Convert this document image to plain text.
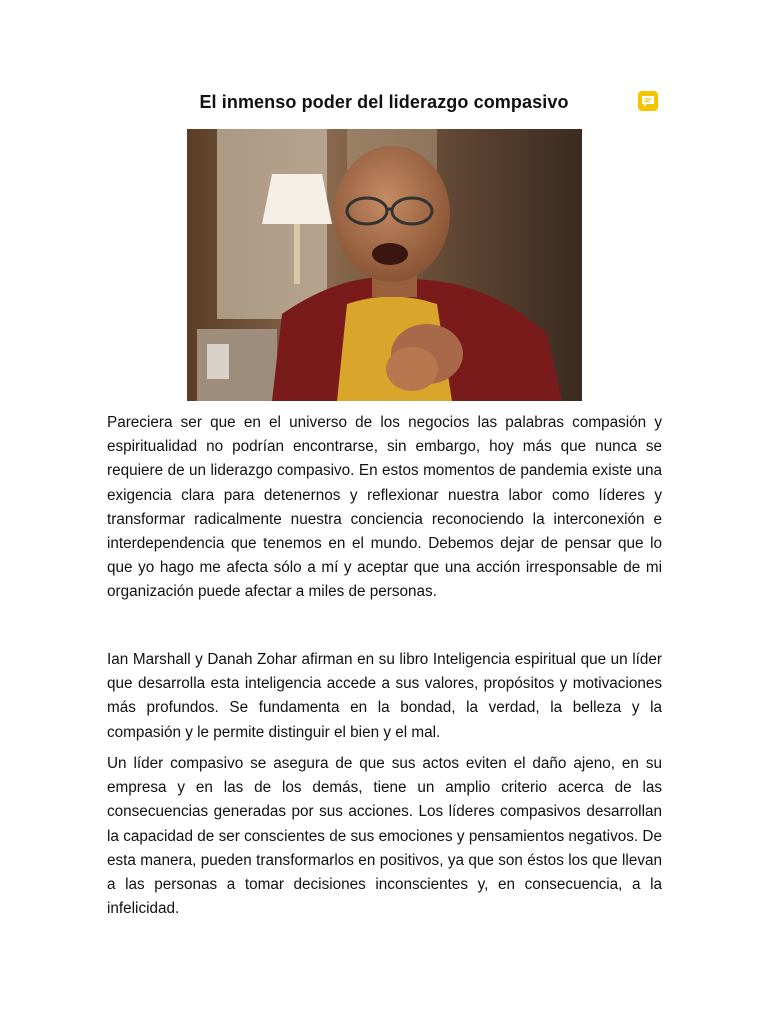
El inmenso poder del liderazgo compasivo

Pareciera ser que en el universo de los negocios las palabras compasión y espiritualidad no podrían encontrarse, sin embargo, hoy más que nunca se requiere de un liderazgo compasivo. En estos momentos de pandemia existe una exigencia clara para detenernos y reflexionar nuestra labor como líderes y transformar radicalmente nuestra conciencia reconociendo la interconexión e interdependencia que tenemos en el mundo. Debemos dejar de pensar que lo que yo hago me afecta sólo a mí y aceptar que una acción irresponsable de mi organización puede afectar a miles de personas.

Ian Marshall y Danah Zohar afirman en su libro Inteligencia espiritual que un líder que desarrolla esta inteligencia accede a sus valores, propósitos y motivaciones más profundos. Se fundamenta en la bondad, la verdad, la belleza y la compasión y le permite distinguir el bien y el mal.

Un líder compasivo se asegura de que sus actos eviten el daño ajeno, en su empresa y en las de los demás, tiene un amplio criterio acerca de las consecuencias generadas por sus acciones. Los líderes compasivos desarrollan la capacidad de ser conscientes de sus emociones y pensamientos negativos. De esta manera, pueden transformarlos en positivos, ya que son éstos los que llevan a las personas a tomar decisiones inconscientes y, en consecuencia, a la infelicidad.
